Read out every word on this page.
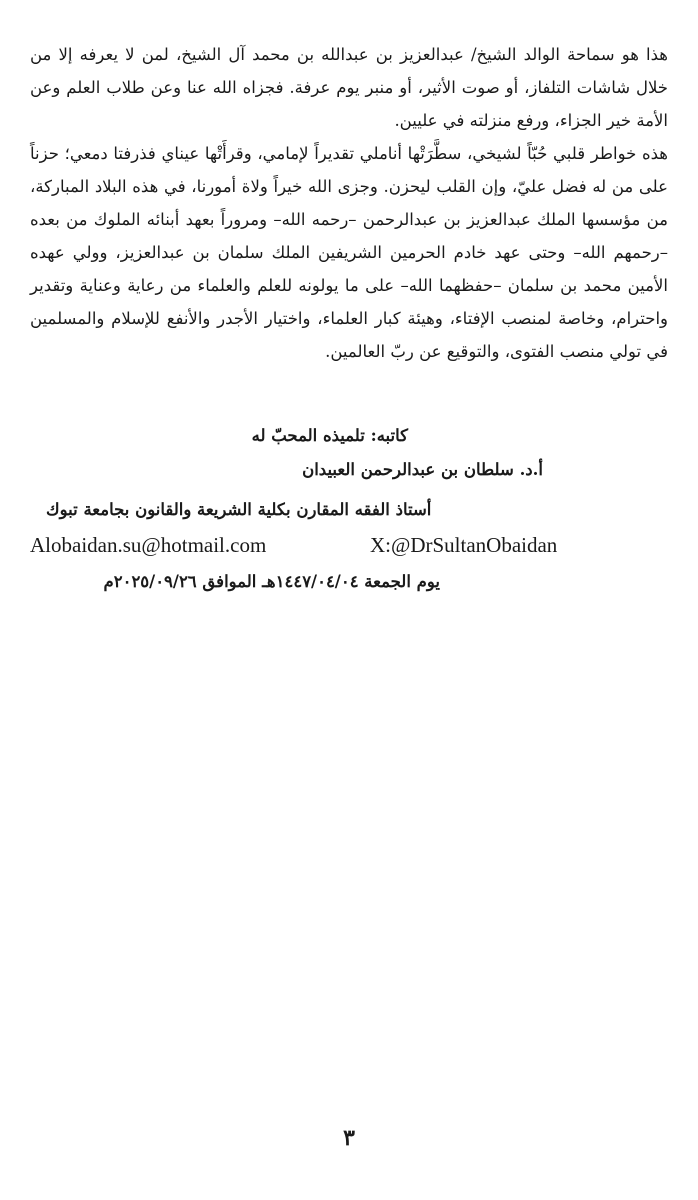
هذا هو سماحة الوالد الشيخ/ عبدالعزيز بن عبدالله بن محمد آل الشيخ، لمن لا يعرفه إلا من خلال شاشات التلفاز، أو صوت الأثير، أو منبر يوم عرفة. فجزاه الله عنا وعن طلاب العلم وعن الأمة خير الجزاء، ورفع منزلته في عليين.

هذه خواطر قلبي حُبّاً لشيخي، سطَّرَتْها أناملي تقديراً لإمامي، وقرأَتْها عيناي فذرفتا دمعي؛ حزناً على من له فضل عليّ، وإن القلب ليحزن. وجزى الله خيراً ولاة أمورنا، في هذه البلاد المباركة، من مؤسسها الملك عبدالعزيز بن عبدالرحمن –رحمه الله– ومروراً بعهد أبنائه الملوك من بعده –رحمهم الله– وحتى عهد خادم الحرمين الشريفين الملك سلمان بن عبدالعزيز، وولي عهده الأمين محمد بن سلمان –حفظهما الله– على ما يولونه للعلم والعلماء من رعاية وعناية وتقدير واحترام، وخاصة لمنصب الإفتاء، وهيئة كبار العلماء، واختيار الأجدر والأنفع للإسلام والمسلمين في تولي منصب الفتوى، والتوقيع عن ربّ العالمين.

كاتبه: تلميذه المحبّ له
أ.د. سلطان بن عبدالرحمن العبيدان
أستاذ الفقه المقارن بكلية الشريعة والقانون بجامعة تبوك
Alobaidan.su@hotmail.com	X:@DrSultanObaidan
يوم الجمعة ١٤٤٧/٠٤/٠٤هـ الموافق ٢٠٢٥/٠٩/٢٦م
٣
